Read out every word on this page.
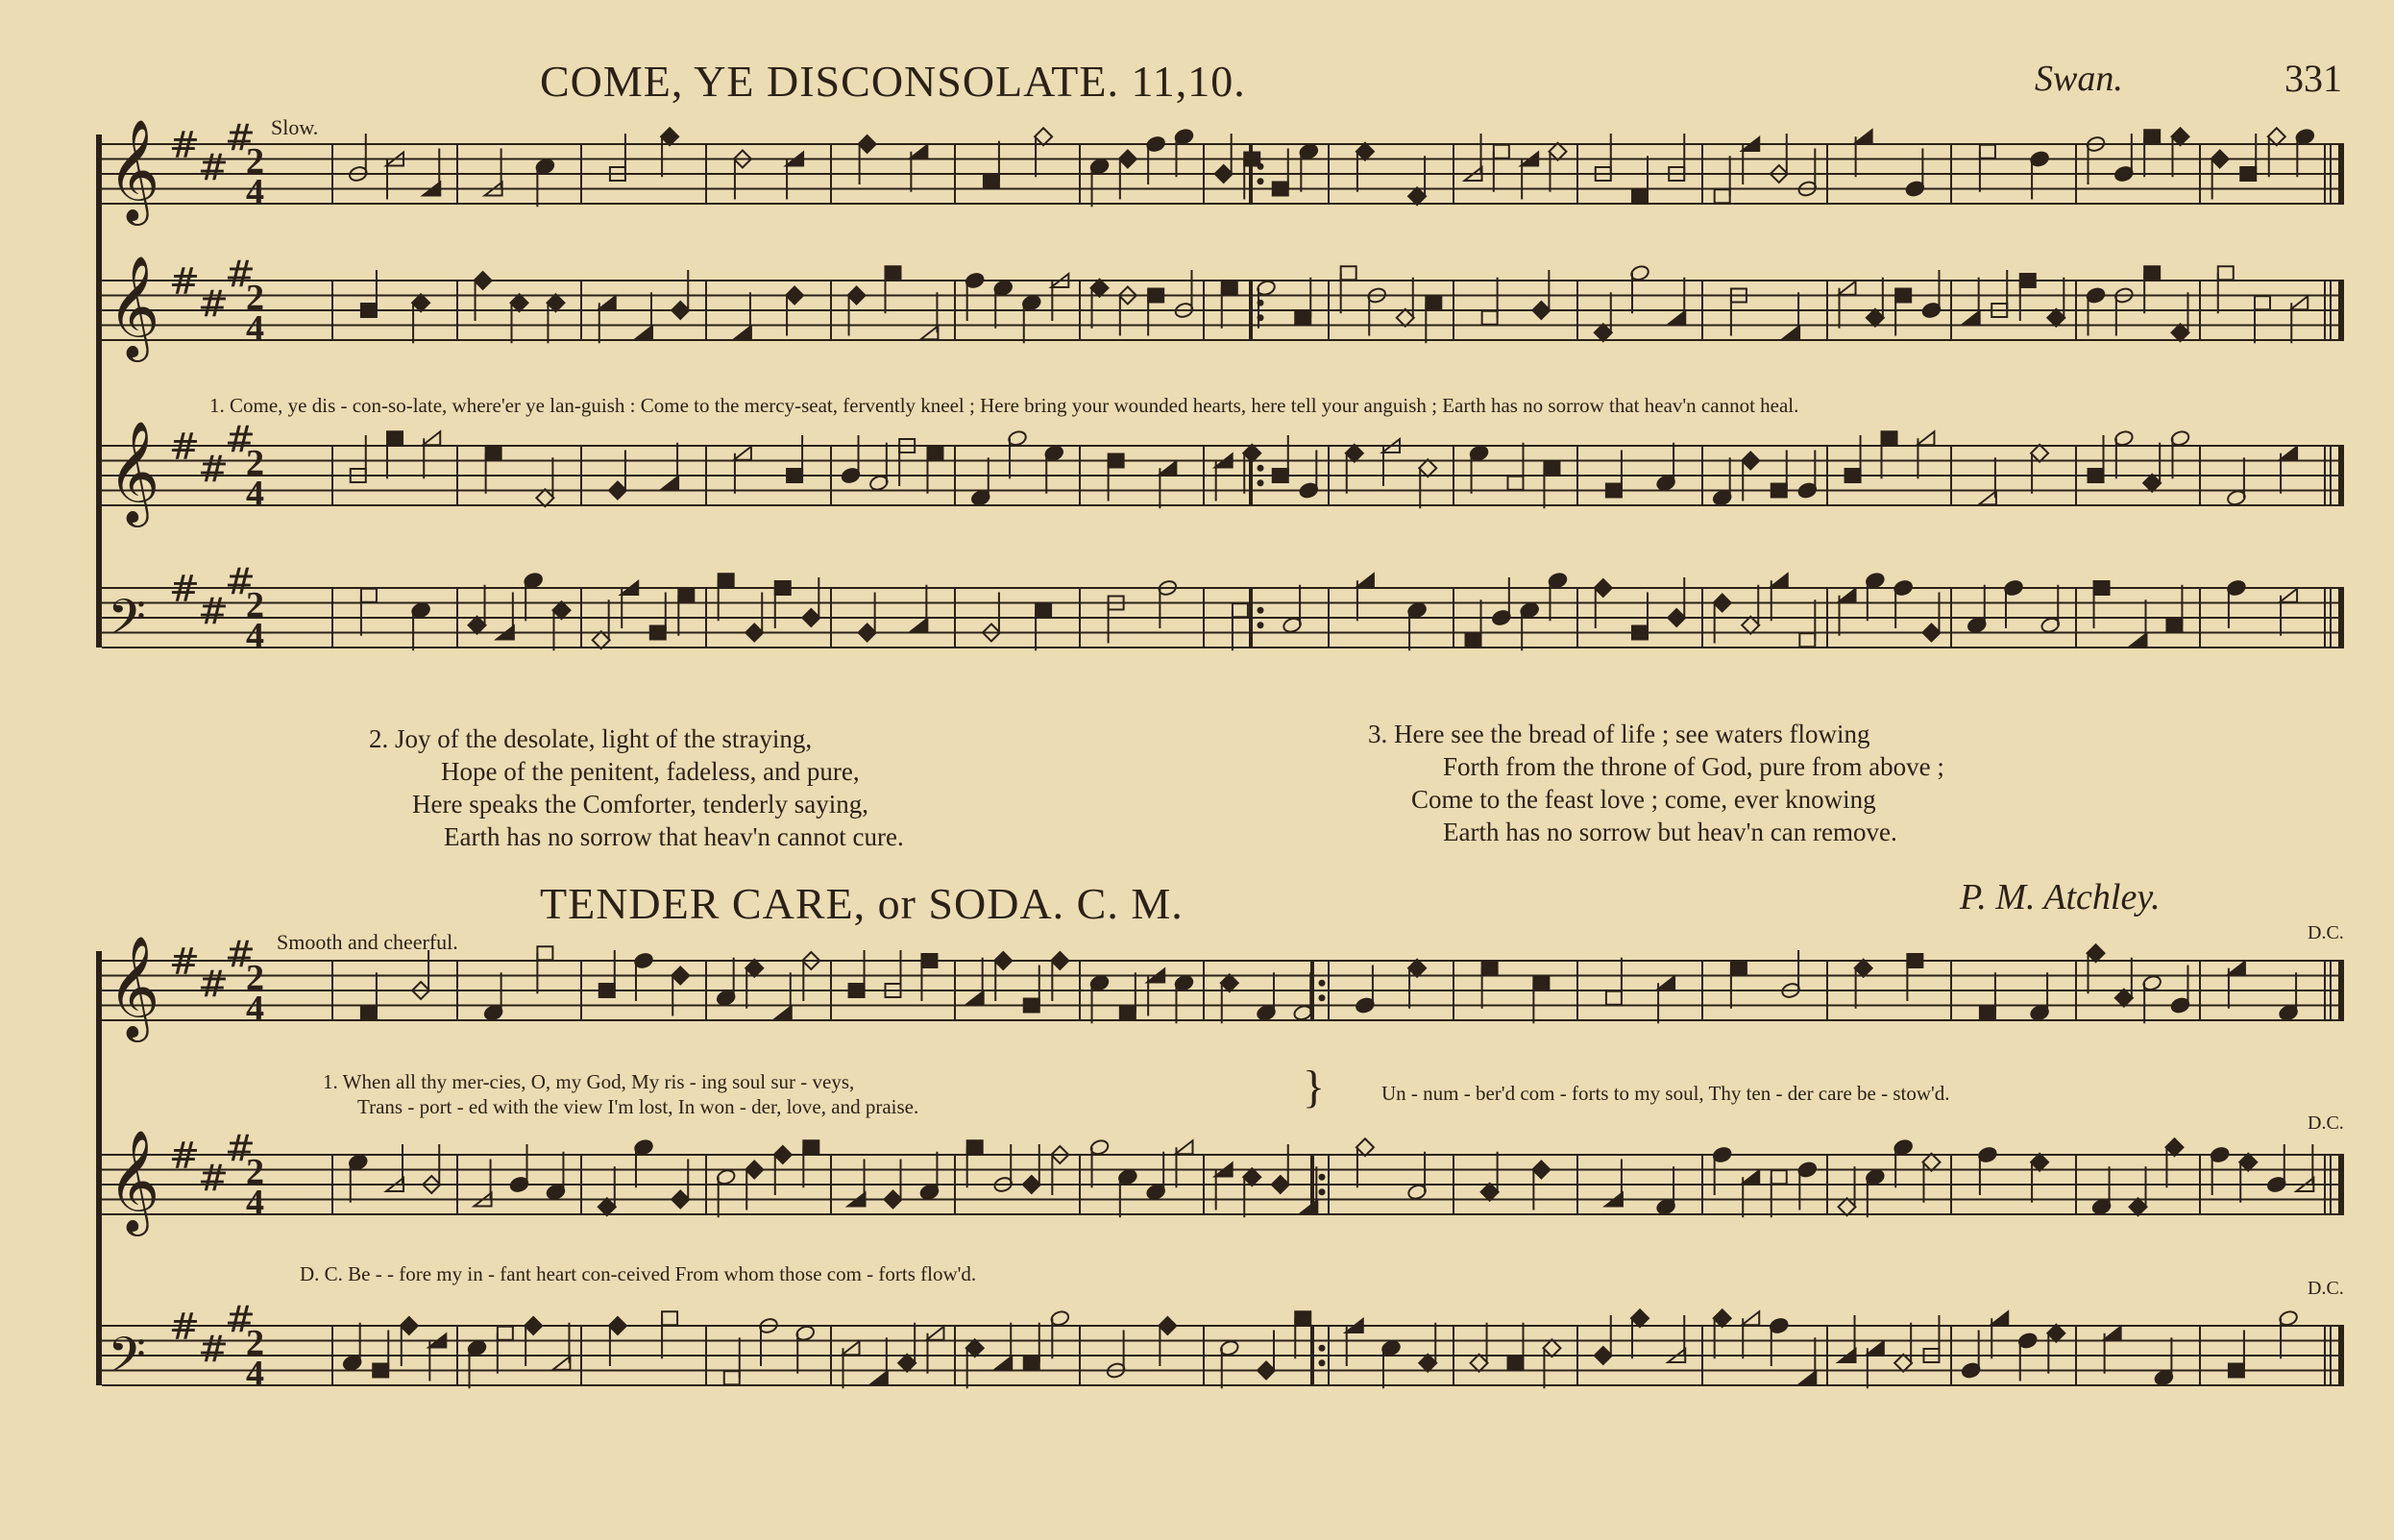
COME, YE DISCONSOLATE. 11,10.	Swan.	331
Slow.
𝄞 #
#
#
2
4
𝄞 #
#
#
2
4
𝄞 #
#
#
2
4
𝄢 #
#
#
2
4
𝄞 #
#
#
2
4
𝄞 #
#
#
2
4
𝄢 #
#
#
2
4
1. Come, ye dis - con-so-late, where'er ye lan-guish : Come to the mercy-seat, fervently kneel ; Here bring your wounded hearts, here tell your anguish ; Earth has no sorrow that heav'n cannot heal.
2. Joy of the desolate, light of the straying,
Hope of the penitent, fadeless, and pure,
Here speaks the Comforter, tenderly saying,
Earth has no sorrow that heav'n cannot cure.
3. Here see the bread of life ; see waters flowing
Forth from the throne of God, pure from above ;
Come to the feast love ; come, ever knowing
Earth has no sorrow but heav'n can remove.
TENDER CARE, or SODA. C. M.	P. M. Atchley.
Smooth and cheerful.	D.C.
D.C.
D.C.
1. When all thy mer-cies, O, my God, My ris - ing soul sur - veys,
Trans - port - ed with the view I'm lost, In won - der, love, and praise.	}	Un - num - ber'd com - forts to my soul, Thy ten - der care be - stow'd.
D. C. Be - - fore my in - fant heart con-ceived From whom those com - forts flow'd.
